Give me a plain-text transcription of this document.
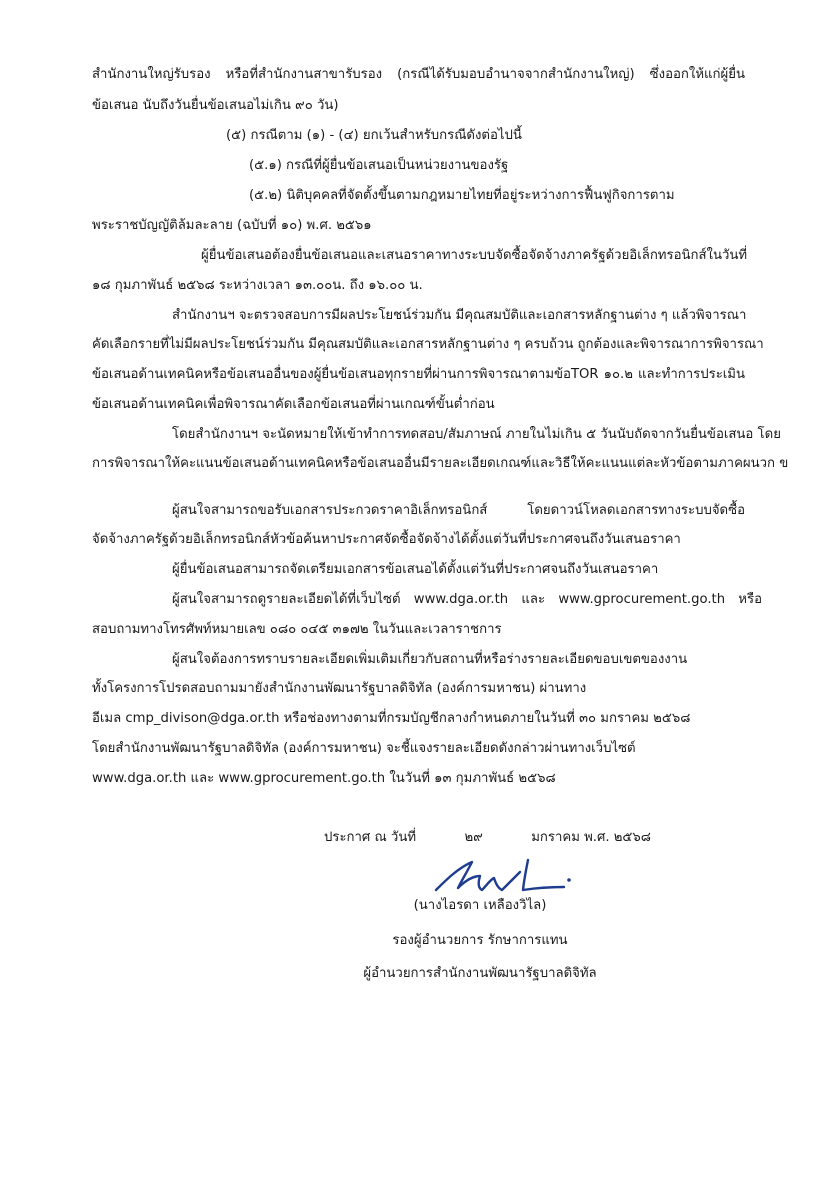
สำนักงานใหญ่รับรอง หรือที่สำนักงานสาขารับรอง (กรณีได้รับมอบอำนาจจากสำนักงานใหญ่) ซึ่งออกให้แก่ผู้ยื่น
ข้อเสนอ นับถึงวันยื่นข้อเสนอไม่เกิน ๙๐ วัน)
(๕) กรณีตาม (๑) - (๔) ยกเว้นสำหรับกรณีดังต่อไปนี้
(๕.๑) กรณีที่ผู้ยื่นข้อเสนอเป็นหน่วยงานของรัฐ
(๕.๒) นิติบุคคลที่จัดตั้งขึ้นตามกฎหมายไทยที่อยู่ระหว่างการฟื้นฟูกิจการตาม
พระราชบัญญัติล้มละลาย (ฉบับที่ ๑๐) พ.ศ. ๒๕๖๑
ผู้ยื่นข้อเสนอต้องยื่นข้อเสนอและเสนอราคาทางระบบจัดซื้อจัดจ้างภาครัฐด้วยอิเล็กทรอนิกส์ในวันที่
๑๘ กุมภาพันธ์ ๒๕๖๘ ระหว่างเวลา ๑๓.๐๐น. ถึง ๑๖.๐๐ น.
สำนักงานฯ จะตรวจสอบการมีผลประโยชน์ร่วมกัน มีคุณสมบัติและเอกสารหลักฐานต่าง ๆ แล้วพิจารณา
คัดเลือกรายที่ไม่มีผลประโยชน์ร่วมกัน มีคุณสมบัติและเอกสารหลักฐานต่าง ๆ ครบถ้วน ถูกต้องและพิจารณาการพิจารณา
ข้อเสนอด้านเทคนิคหรือข้อเสนออื่นของผู้ยื่นข้อเสนอทุกรายที่ผ่านการพิจารณาตามข้อTOR ๑๐.๒ และทำการประเมิน
ข้อเสนอด้านเทคนิคเพื่อพิจารณาคัดเลือกข้อเสนอที่ผ่านเกณฑ์ขั้นต่ำก่อน
โดยสำนักงานฯ จะนัดหมายให้เข้าทำการทดสอบ/สัมภาษณ์ ภายในไม่เกิน ๕ วันนับถัดจากวันยื่นข้อเสนอ โดย
การพิจารณาให้คะแนนข้อเสนอด้านเทคนิคหรือข้อเสนออื่นมีรายละเอียดเกณฑ์และวิธีให้คะแนนแต่ละหัวข้อตามภาคผนวก ข
ผู้สนใจสามารถขอรับเอกสารประกวดราคาอิเล็กทรอนิกส์ โดยดาวน์โหลดเอกสารทางระบบจัดซื้อ
จัดจ้างภาครัฐด้วยอิเล็กทรอนิกส์หัวข้อค้นหาประกาศจัดซื้อจัดจ้างได้ตั้งแต่วันที่ประกาศจนถึงวันเสนอราคา
ผู้ยื่นข้อเสนอสามารถจัดเตรียมเอกสารข้อเสนอได้ตั้งแต่วันที่ประกาศจนถึงวันเสนอราคา
ผู้สนใจสามารถดูรายละเอียดได้ที่เว็บไซต์ www.dga.or.th และ www.gprocurement.go.th หรือ
สอบถามทางโทรศัพท์หมายเลข ๐๘๐ ๐๔๕ ๓๑๗๒ ในวันและเวลาราชการ
ผู้สนใจต้องการทราบรายละเอียดเพิ่มเติมเกี่ยวกับสถานที่หรือร่างรายละเอียดขอบเขตของงาน
ทั้งโครงการโปรดสอบถามมายังสำนักงานพัฒนารัฐบาลดิจิทัล (องค์การมหาชน) ผ่านทาง
อีเมล cmp_divison@dga.or.th หรือช่องทางตามที่กรมบัญชีกลางกำหนดภายในวันที่ ๓๐ มกราคม ๒๕๖๘
โดยสำนักงานพัฒนารัฐบาลดิจิทัล (องค์การมหาชน) จะชี้แจงรายละเอียดดังกล่าวผ่านทางเว็บไซต์
www.dga.or.th และ www.gprocurement.go.th ในวันที่ ๑๓ กุมภาพันธ์ ๒๕๖๘
ประกาศ ณ วันที่	๒๙	มกราคม พ.ศ. ๒๕๖๘
(นางไอรดา เหลืองวิไล)
รองผู้อำนวยการ รักษาการแทน
ผู้อำนวยการสำนักงานพัฒนารัฐบาลดิจิทัล
